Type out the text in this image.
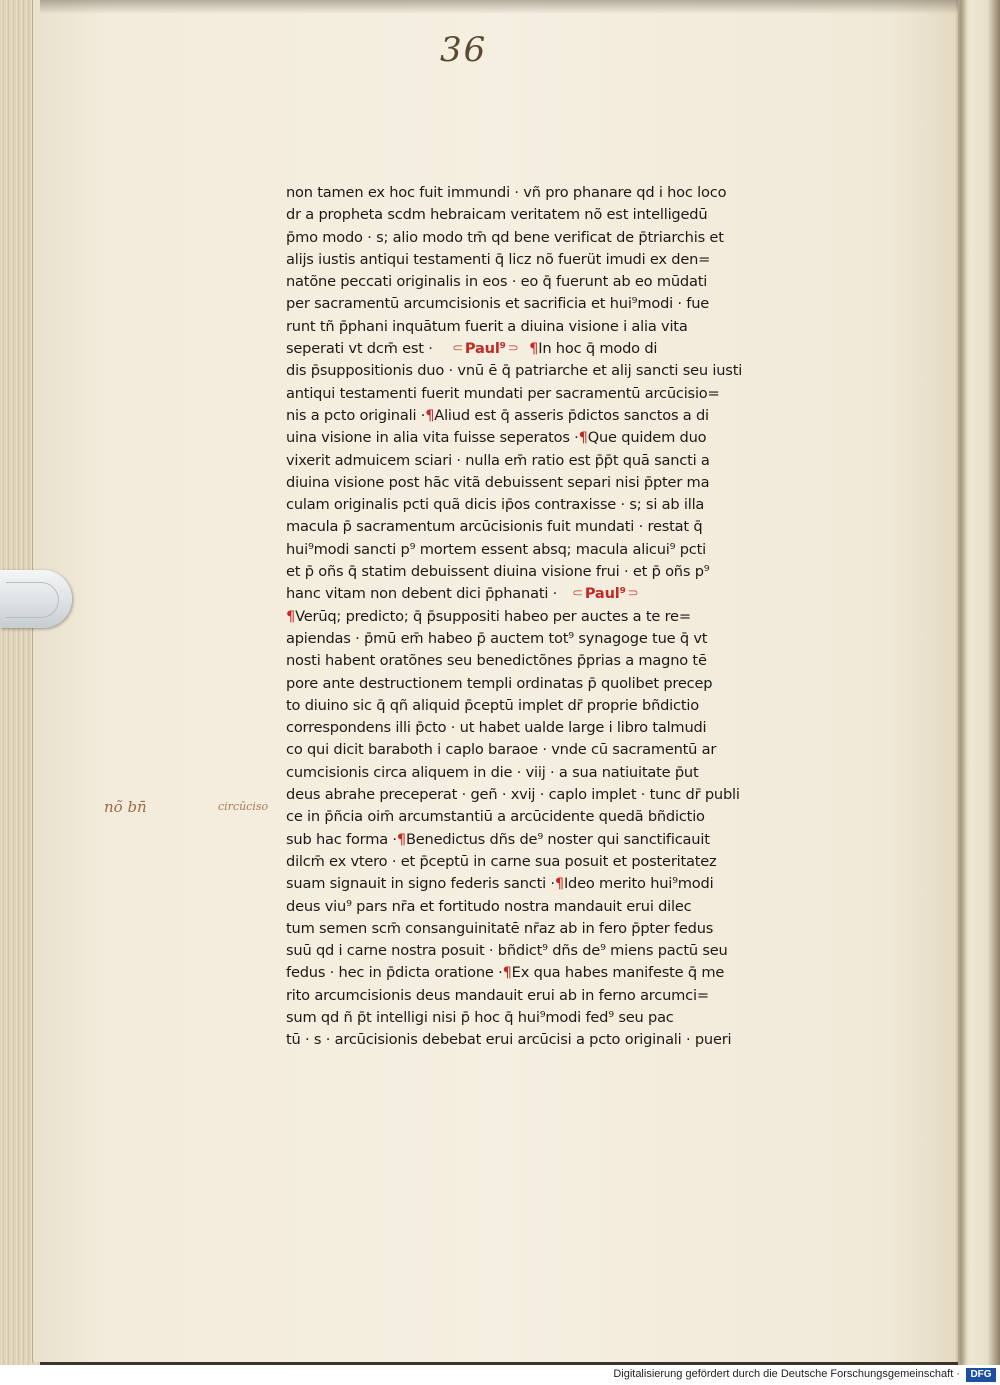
36
nõ bn̄	circūciso
non tamen ex hoc fuit immundi · vñ pro phanare qd i hoc loco
dr a propheta scdm hebraicam veritatem nõ est intelligedū
p̄mo modo · s; alio modo tm̄ qd bene verificat de p̄triarchis et
alijs iustis antiqui testamenti q̄ licz nõ fuerüt imudi ex den=
natõne peccati originalis in eos · eo q̄ fuerunt ab eo mūdati
per sacramentū arcumcisionis et sacrificia et hui⁹modi · fue
runt tñ p̄phani inquātum fuerit a diuina visione i alia vita
seperati vt dcm̄ est · ⸦Paul⁹⸧ ¶In hoc q̄ modo di
dis p̄suppositionis duo · vnū ē q̄ patriarche et alij sancti seu iusti
antiqui testamenti fuerit mundati per sacramentū arcūcisio=
nis a pcto originali ·¶Aliud est q̄ asseris p̄dictos sanctos a di
uina visione in alia vita fuisse seperatos ·¶Que quidem duo
vixerit admuicem sciari · nulla em̄ ratio est p̄p̄t quā sancti a
diuina visione post hãc vitã debuissent separi nisi p̄pter ma
culam originalis pcti quã dicis ip̄os contraxisse · s; si ab illa
macula p̄ sacramentum arcūcisionis fuit mundati · restat q̄
hui⁹modi sancti p⁹ mortem essent absq; macula alicui⁹ pcti
et p̄ oñs q̄ statim debuissent diuina visione frui · et p̄ oñs p⁹
hanc vitam non debent dici p̄phanati · ⸦Paul⁹⸧
¶Verūq; predicto; q̄ p̄suppositi habeo per auctes a te re=
apiendas · p̄mū em̄ habeo p̄ auctem tot⁹ synagoge tue q̄ vt
nosti habent oratõnes seu benedictõnes p̄prias a magno tē
pore ante destructionem templi ordinatas p̄ quolibet precep
to diuino sic q̄ qñ aliquid p̄ceptū implet dr̄ proprie bñdictio
correspondens illi p̄cto · ut habet ualde large i libro talmudi
co qui dicit baraboth i caplo baraoe · vnde cū sacramentū ar
cumcisionis circa aliquem in die · viij · a sua natiuitate p̄ut
deus abrahe preceperat · geñ · xvij · caplo implet · tunc dr̄ publi
ce in p̄ñcia oim̄ arcumstantiū a arcūcidente quedã bñdictio
sub hac forma ·¶Benedictus dñs de⁹ noster qui sanctificauit
dilcm̄ ex vtero · et p̄ceptū in carne sua posuit et posteritatez
suam signauit in signo federis sancti ·¶Ideo merito hui⁹modi
deus viu⁹ pars nr̄a et fortitudo nostra mandauit erui dilec
tum semen scm̄ consanguinitatē nr̄az ab in fero p̄pter fedus
suū qd i carne nostra posuit · bñdict⁹ dñs de⁹ miens pactū seu
fedus · hec in p̄dicta oratione ·¶Ex qua habes manifeste q̄ me
rito arcumcisionis deus mandauit erui ab in ferno arcumci=
sum qd ñ p̄t intelligi nisi p̄ hoc q̄ hui⁹modi fed⁹ seu pac
tū · s · arcūcisionis debebat erui arcūcisi a pcto originali · pueri
Digitalisierung gefördert durch die Deutsche Forschungsgemeinschaft ·	DFG
